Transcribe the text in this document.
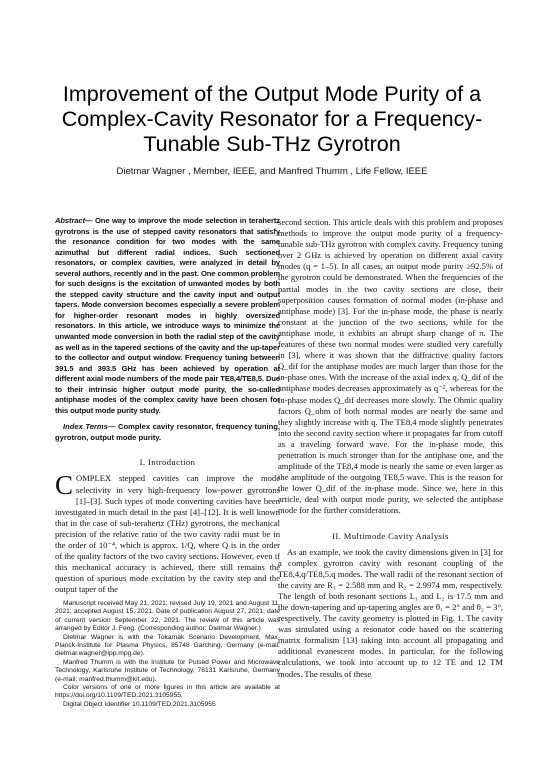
Improvement of the Output Mode Purity of a Complex-Cavity Resonator for a Frequency-Tunable Sub-THz Gyrotron
Dietmar Wagner , Member, IEEE, and Manfred Thumm , Life Fellow, IEEE

Abstract— One way to improve the mode selection in terahertz gyrotrons is the use of stepped cavity resonators that satisfy the resonance condition for two modes with the same azimuthal but different radial indices. Such sectioned resonators, or complex cavities, were analyzed in detail by several authors, recently and in the past. One common problem for such designs is the excitation of unwanted modes by both the stepped cavity structure and the cavity input and output tapers. Mode conversion becomes especially a severe problem for higher-order resonant modes in highly oversized resonators. In this article, we introduce ways to minimize the unwanted mode conversion in both the radial step of the cavity as well as in the tapered sections of the cavity and the up-taper to the collector and output window. Frequency tuning between 391.5 and 393.5 GHz has been achieved by operation at different axial mode numbers of the mode pair TE8,4/TE8,5. Due to their intrinsic higher output mode purity, the so-called antiphase modes of the complex cavity have been chosen for this output mode purity study.

Index Terms— Complex cavity resonator, frequency tuning, gyrotron, output mode purity.

I. Introduction

COMPLEX stepped cavities can improve the mode selectivity in very high-frequency low-power gyrotrons [1]–[3]. Such types of mode converting cavities have been investigated in much detail in the past [4]–[12]. It is well known that in the case of sub-terahertz (THz) gyrotrons, the mechanical precision of the relative ratio of the two cavity radii must be in the order of 10⁻⁴, which is approx. 1/Q, where Q is in the order of the quality factors of the two cavity sections. However, even if this mechanical accuracy is achieved, there still remains the question of spurious mode excitation by the cavity step and the output taper of the

second section. This article deals with this problem and proposes methods to improve the output mode purity of a frequency-tunable sub-THz gyrotron with complex cavity. Frequency tuning over 2 GHz is achieved by operation on different axial cavity modes (q = 1–5). In all cases, an output mode purity ≥92.5% of the gyrotron could be demonstrated. When the frequencies of the partial modes in the two cavity sections are close, their superposition causes formation of normal modes (in-phase and antiphase mode) [3]. For the in-phase mode, the phase is nearly constant at the junction of the two sections, while for the antiphase mode, it exhibits an abrupt sharp change of π. The features of these two normal modes were studied very carefully in [3], where it was shown that the diffractive quality factors Q_dif for the antiphase modes are much larger than those for the in-phase ones. With the increase of the axial index q, Q_dif of the antiphase modes decreases approximately as q⁻², whereas for the in-phase modes Q_dif decreases more slowly. The Ohmic quality factors Q_ohm of both normal modes are nearly the same and they slightly increase with q. The TE8,4 mode slightly penetrates into the second cavity section where it propagates far from cutoff as a traveling forward wave. For the in-phase mode, this penetration is much stronger than for the antiphase one, and the amplitude of the TE8,4 mode is nearly the same or even larger as the amplitude of the outgoing TE8,5 wave. This is the reason for the lower Q_dif of the in-phase mode. Since we, here in this article, deal with output mode purity, we selected the antiphase mode for the further considerations.

II. Multimode Cavity Analysis

As an example, we took the cavity dimensions given in [3] for a complex gyrotron cavity with resonant coupling of the TE8,4,q/TE8,5,q modes. The wall radii of the resonant section of the cavity are R₁ = 2.588 mm and R₂ = 2.9974 mm, respectively. The length of both resonant sections L₁ and L₂ is 17.5 mm and the down-tapering and up-tapering angles are θ₁ = 2° and θ₂ = 3°, respectively. The cavity geometry is plotted in Fig. 1. The cavity was simulated using a resonator code based on the scattering matrix formalism [13] taking into account all propagating and additional evanescent modes. In particular, for the following calculations, we took into account up to 12 TE and 12 TM modes. The results of these

Manuscript received May 21, 2021; revised July 19, 2021 and August 11, 2021; accepted August 15, 2021. Date of publication August 27, 2021; date of current version September 22, 2021. The review of this article was arranged by Editor J. Feng. (Corresponding author: Dietmar Wagner.)

Dietmar Wagner is with the Tokamak Scenario Development, Max-Planck-Institute for Plasma Physics, 85748 Garching, Germany (e-mail: dietmar.wagner@ipp.mpg.de).

Manfred Thumm is with the Institute for Pulsed Power and Microwave Technology, Karlsruhe Institute of Technology, 76131 Karlsruhe, Germany (e-mail: manfred.thumm@kit.edu).

Color versions of one or more figures in this article are available at https://doi.org/10.1109/TED.2021.3105955.

Digital Object Identifier 10.1109/TED.2021.3105955
